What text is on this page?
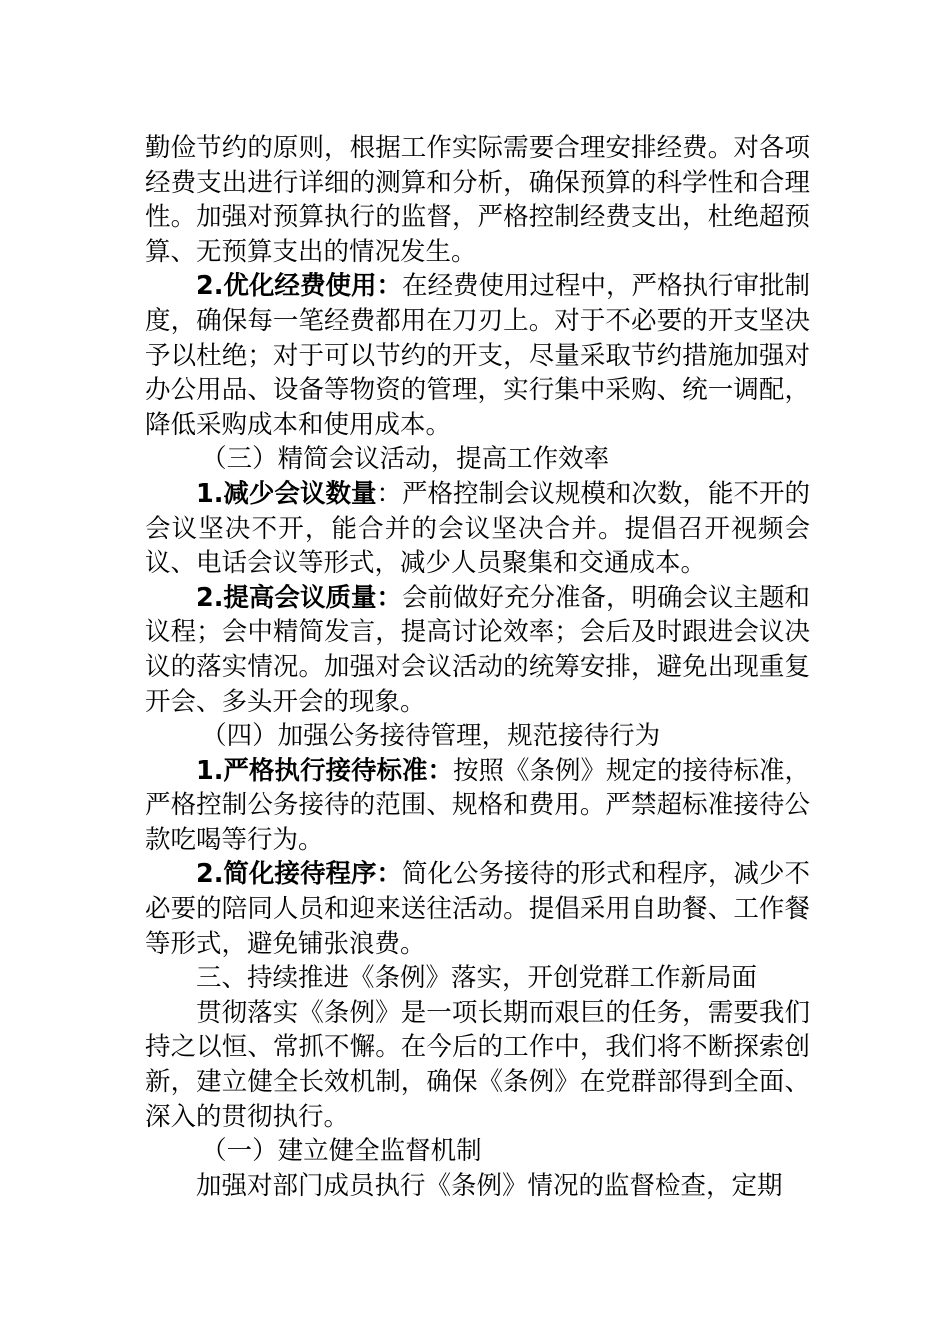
勤俭节约的原则，根据工作实际需要合理安排经费。对各项经费支出进行详细的测算和分析，确保预算的科学性和合理性。加强对预算执行的监督，严格控制经费支出，杜绝超预算、无预算支出的情况发生。

2.优化经费使用：在经费使用过程中，严格执行审批制度，确保每一笔经费都用在刀刃上。对于不必要的开支坚决予以杜绝；对于可以节约的开支，尽量采取节约措施加强对办公用品、设备等物资的管理，实行集中采购、统一调配，降低采购成本和使用成本。

（三）精简会议活动，提高工作效率

1.减少会议数量：严格控制会议规模和次数，能不开的会议坚决不开，能合并的会议坚决合并。提倡召开视频会议、电话会议等形式，减少人员聚集和交通成本。

2.提高会议质量：会前做好充分准备，明确会议主题和议程；会中精简发言，提高讨论效率；会后及时跟进会议决议的落实情况。加强对会议活动的统筹安排，避免出现重复开会、多头开会的现象。

（四）加强公务接待管理，规范接待行为

1.严格执行接待标准：按照《条例》规定的接待标准，严格控制公务接待的范围、规格和费用。严禁超标准接待公款吃喝等行为。

2.简化接待程序：简化公务接待的形式和程序，减少不必要的陪同人员和迎来送往活动。提倡采用自助餐、工作餐等形式，避免铺张浪费。

三、持续推进《条例》落实，开创党群工作新局面

贯彻落实《条例》是一项长期而艰巨的任务，需要我们持之以恒、常抓不懈。在今后的工作中，我们将不断探索创新，建立健全长效机制，确保《条例》在党群部得到全面、深入的贯彻执行。

（一）建立健全监督机制

加强对部门成员执行《条例》情况的监督检查，定期
